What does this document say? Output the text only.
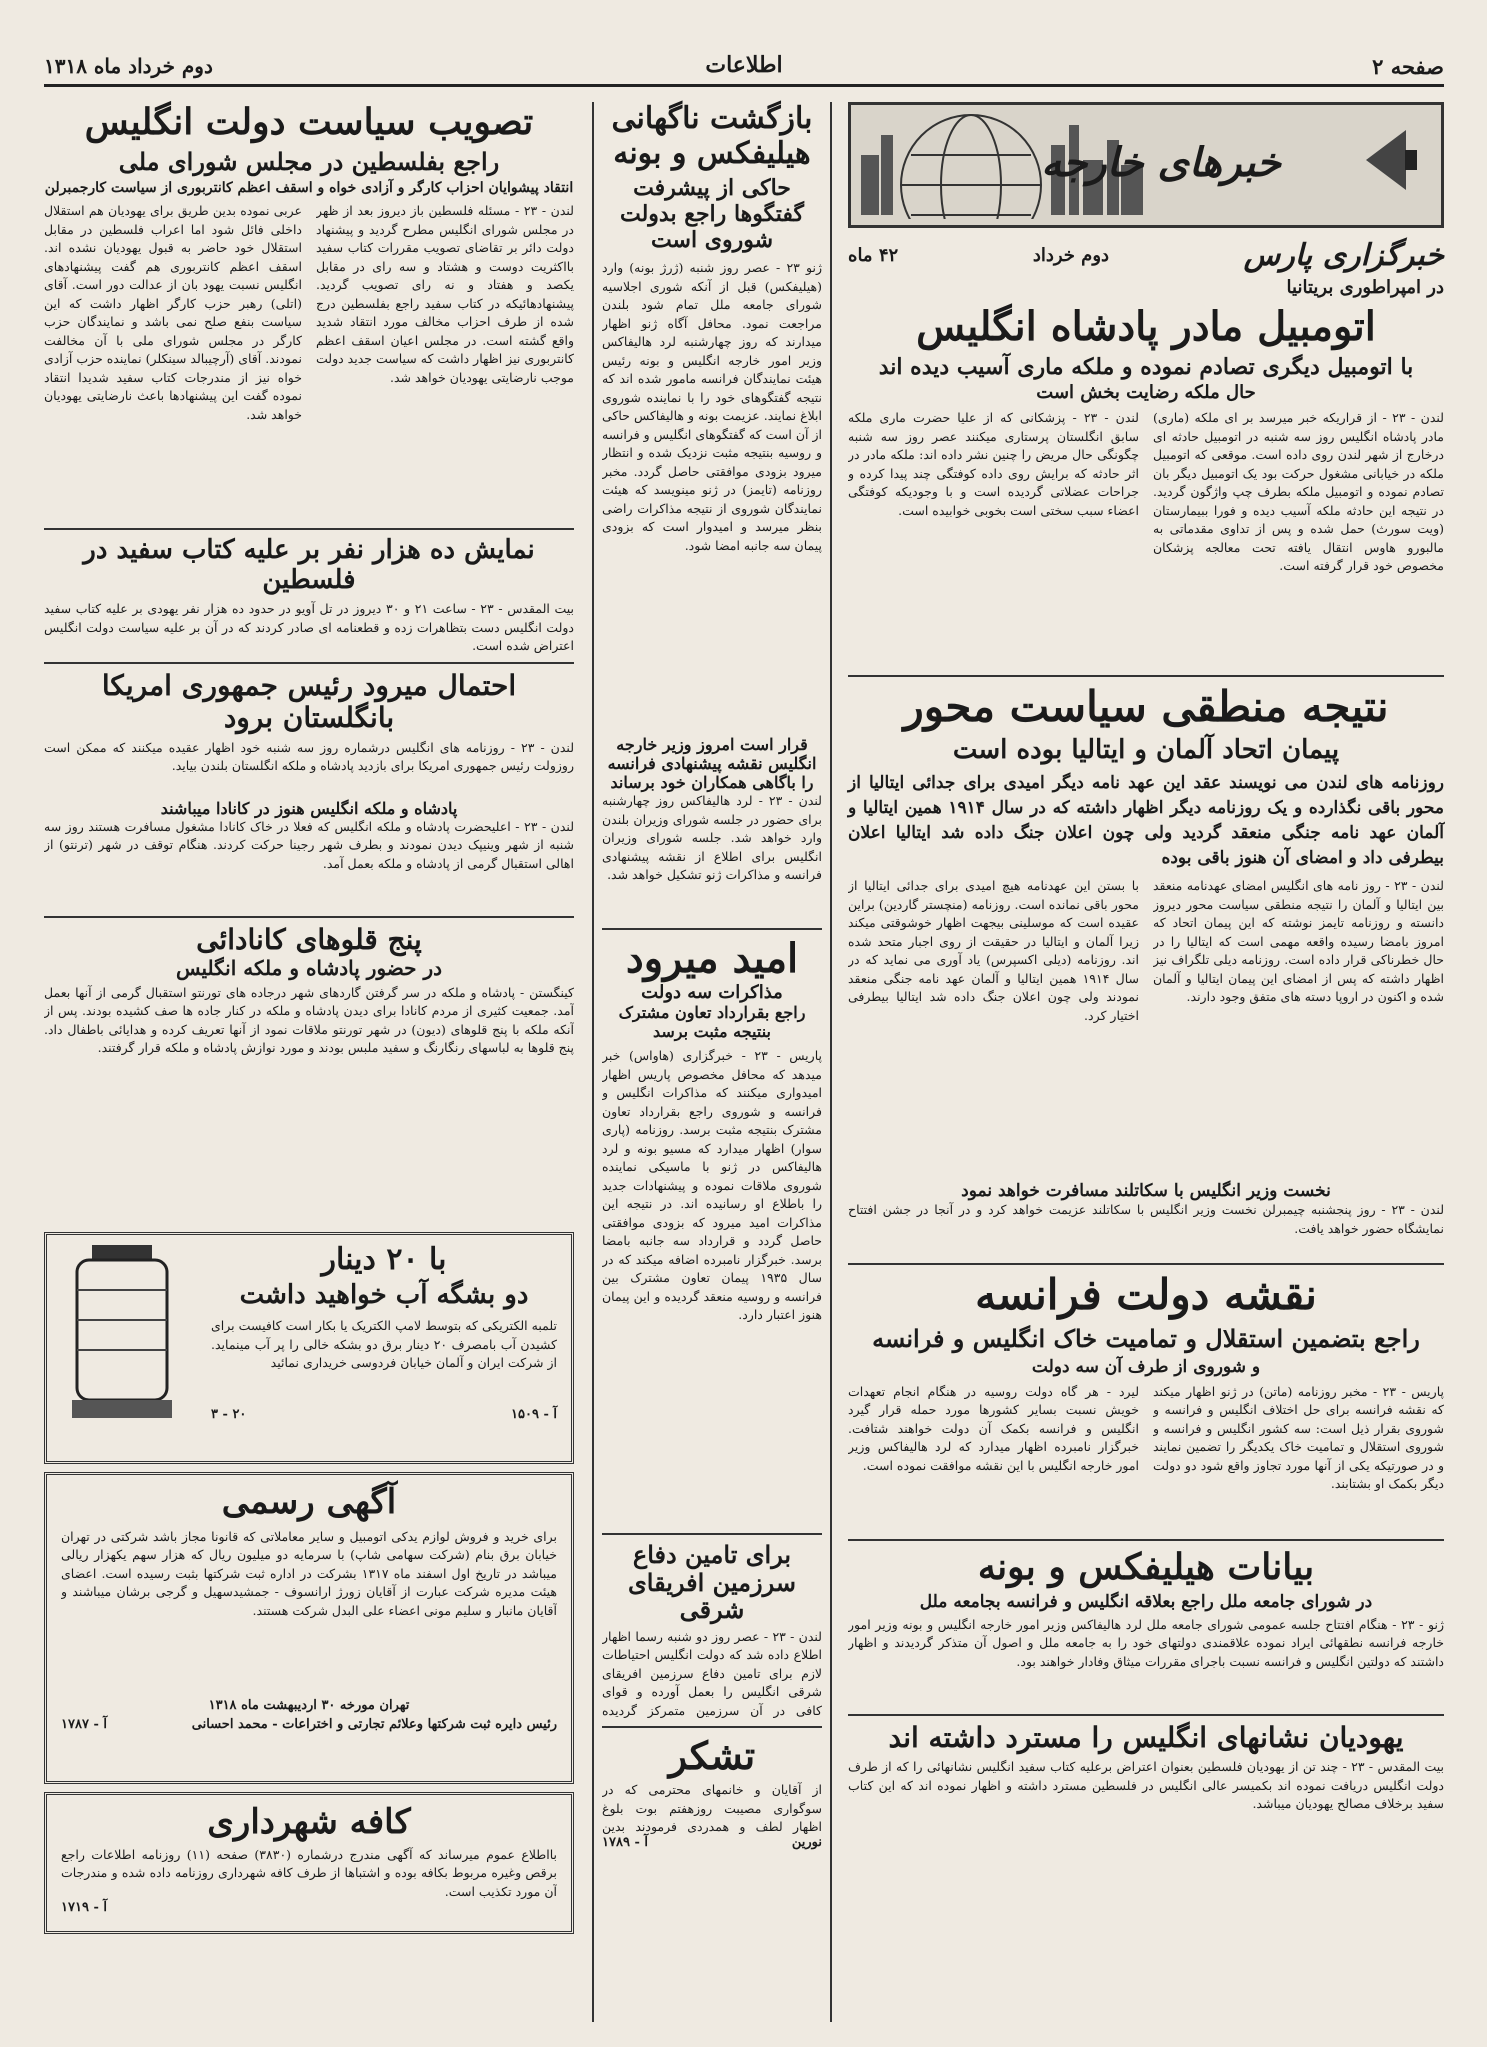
صفحه ۲
اطلاعات
دوم خرداد ماه ۱۳۱۸
خبرهای خارجه
خبرگزاری پارس
دوم خرداد
۴۲ ماه
در امپراطوری بریتانیا
اتومبیل مادر پادشاه انگلیس
با اتومبیل دیگری تصادم نموده و ملکه ماری آسیب دیده اند
حال ملکه رضایت بخش است
لندن - ۲۳ - از قراریکه خبر میرسد بر ای ملکه (ماری) مادر پادشاه انگلیس روز سه شنبه در اتومبیل حادثه ای درخارج از شهر لندن روی داده است. موقعی که اتومبیل ملکه در خیابانی مشغول حرکت بود یک اتومبیل دیگر بان تصادم نموده و اتومبیل ملکه بطرف چپ واژگون گردید. در نتیجه این حادثه ملکه آسیب دیده و فورا ببیمارستان (ویت سورث) حمل شده و پس از تداوی مقدماتی به مالبورو هاوس انتقال یافته تحت معالجه پزشکان مخصوص خود قرار گرفته است.
لندن - ۲۳ - پزشکانی که از علیا حضرت ماری ملکه سابق انگلستان پرستاری میکنند عصر روز سه شنبه چگونگی حال مریض را چنین نشر داده اند: ملکه مادر در اثر حادثه که برایش روی داده کوفتگی چند پیدا کرده و جراحات عضلاتی گردیده است و با وجودیکه کوفتگی اعضاء سبب سختی است بخوبی خوابیده است.
نتیجه منطقی سیاست محور
پیمان اتحاد آلمان و ایتالیا بوده است
روزنامه های لندن می نویسند عقد این عهد نامه دیگر امیدی برای جدائی ایتالیا از محور باقی نگذارده و یک روزنامه دیگر اظهار داشته که در سال ۱۹۱۴ همین ایتالیا و آلمان عهد نامه جنگی منعقد گردید ولی چون اعلان جنگ داده شد ایتالیا اعلان بیطرفی داد و امضای آن هنوز باقی بوده
لندن - ۲۳ - روز نامه های انگلیس امضای عهدنامه منعقد بین ایتالیا و آلمان را نتیجه منطقی سیاست محور دیروز دانسته و روزنامه تایمز نوشته که این پیمان اتحاد که امروز بامضا رسیده واقعه مهمی است که ایتالیا را در حال خطرناکی قرار داده است. روزنامه دیلی تلگراف نیز اظهار داشته که پس از امضای این پیمان ایتالیا و آلمان شده و اکنون در اروپا دسته های متفق وجود دارند.
با بستن این عهدنامه هیچ امیدی برای جدائی ایتالیا از محور باقی نمانده است. روزنامه (منچستر گاردین) براین عقیده است که موسلینی بیجهت اظهار خوشوقتی میکند زیرا آلمان و ایتالیا در حقیقت از روی اجبار متحد شده اند. روزنامه (دیلی اکسپرس) یاد آوری می نماید که در سال ۱۹۱۴ همین ایتالیا و آلمان عهد نامه جنگی منعقد نمودند ولی چون اعلان جنگ داده شد ایتالیا بیطرفی اختیار کرد.
نخست وزیر انگلیس با سکاتلند مسافرت خواهد نمود
لندن - ۲۳ - روز پنجشنبه چیمبرلن نخست وزیر انگلیس با سکاتلند عزیمت خواهد کرد و در آنجا در جشن افتتاح نمایشگاه حضور خواهد یافت.
نقشه دولت فرانسه
راجع بتضمین استقلال و تمامیت خاک انگلیس و فرانسه
و شوروی از طرف آن سه دولت
پاریس - ۲۳ - مخبر روزنامه (ماتن) در ژنو اظهار میکند که نقشه فرانسه برای حل اختلاف انگلیس و فرانسه و شوروی بقرار ذیل است: سه کشور انگلیس و فرانسه و شوروی استقلال و تمامیت خاک یکدیگر را تضمین نمایند و در صورتیکه یکی از آنها مورد تجاوز واقع شود دو دولت دیگر بکمک او بشتابند.
لیرد - هر گاه دولت روسیه در هنگام انجام تعهدات خویش نسبت بسایر کشورها مورد حمله قرار گیرد انگلیس و فرانسه بکمک آن دولت خواهند شتافت. خبرگزار نامبرده اظهار میدارد که لرد هالیفاکس وزیر امور خارجه انگلیس با این نقشه موافقت نموده است.
بیانات هیلیفکس و بونه
در شورای جامعه ملل راجع بعلاقه انگلیس و فرانسه بجامعه ملل
ژنو - ۲۳ - هنگام افتتاح جلسه عمومی شورای جامعه ملل لرد هالیفاکس وزیر امور خارجه انگلیس و بونه وزیر امور خارجه فرانسه نطقهائی ایراد نموده علاقمندی دولتهای خود را به جامعه ملل و اصول آن متذکر گردیدند و اظهار داشتند که دولتین انگلیس و فرانسه نسبت باجرای مقررات میثاق وفادار خواهند بود.
یهودیان نشانهای انگلیس را مسترد داشته اند
بیت المقدس - ۲۳ - چند تن از یهودیان فلسطین بعنوان اعتراض برعلیه کتاب سفید انگلیس نشانهائی را که از طرف دولت انگلیس دریافت نموده اند بکمیسر عالی انگلیس در فلسطین مسترد داشته و اظهار نموده اند که این کتاب سفید برخلاف مصالح یهودیان میباشد.
بازگشت ناگهانی هیلیفکس و بونه
حاکی از پیشرفت گفتگوها راجع بدولت شوروی است
ژنو ۲۳ - عصر روز شنبه (ژرژ بونه) وارد (هیلیفکس) قبل از آنکه شوری اجلاسیه شورای جامعه ملل تمام شود بلندن مراجعت نمود. محافل آگاه ژنو اظهار میدارند که روز چهارشنبه لرد هالیفاکس وزیر امور خارجه انگلیس و بونه رئیس هیئت نمایندگان فرانسه مامور شده اند که نتیجه گفتگوهای خود را با نماینده شوروی ابلاغ نمایند. عزیمت بونه و هالیفاکس حاکی از آن است که گفتگوهای انگلیس و فرانسه و روسیه بنتیجه مثبت نزدیک شده و انتظار میرود بزودی موافقتی حاصل گردد. مخبر روزنامه (تایمز) در ژنو مینویسد که هیئت نمایندگان شوروی از نتیجه مذاکرات راضی بنظر میرسد و امیدوار است که بزودی پیمان سه جانبه امضا شود.
قرار است امروز وزیر خارجه انگلیس نقشه پیشنهادی فرانسه را باگاهی همکاران خود برساند
لندن - ۲۳ - لرد هالیفاکس روز چهارشنبه برای حضور در جلسه شورای وزیران بلندن وارد خواهد شد. جلسه شورای وزیران انگلیس برای اطلاع از نقشه پیشنهادی فرانسه و مذاکرات ژنو تشکیل خواهد شد.
امید میرود
مذاکرات سه دولت
راجع بقرارداد تعاون مشترک بنتیجه مثبت برسد
پاریس - ۲۳ - خبرگزاری (هاواس) خبر میدهد که محافل مخصوص پاریس اظهار امیدواری میکنند که مذاکرات انگلیس و فرانسه و شوروی راجع بقرارداد تعاون مشترک بنتیجه مثبت برسد. روزنامه (پاری سوار) اظهار میدارد که مسیو بونه و لرد هالیفاکس در ژنو با ماسیکی نماینده شوروی ملاقات نموده و پیشنهادات جدید را باطلاع او رسانیده اند. در نتیجه این مذاکرات امید میرود که بزودی موافقتی حاصل گردد و قرارداد سه جانبه بامضا برسد. خبرگزار نامبرده اضافه میکند که در سال ۱۹۳۵ پیمان تعاون مشترک بین فرانسه و روسیه منعقد گردیده و این پیمان هنوز اعتبار دارد.
برای تامین دفاع سرزمین افریقای شرقی
لندن - ۲۳ - عصر روز دو شنبه رسما اظهار اطلاع داده شد که دولت انگلیس احتیاطات لازم برای تامین دفاع سرزمین افریقای شرقی انگلیس را بعمل آورده و قوای کافی در آن سرزمین متمرکز گردیده
تشکر
از آقایان و خانمهای محترمی که در سوگواری مصیبت روزهفتم بوت بلوغ اظهار لطف و همدردی فرمودند بدین
نورین
آ - ۱۷۸۹
تصویب سیاست دولت انگلیس
راجع بفلسطین در مجلس شورای ملی
انتقاد پیشوایان احزاب کارگر و آزادی خواه و اسقف اعظم کانتربوری از سیاست کارجمبرلن
لندن - ۲۳ - مسئله فلسطین باز دیروز بعد از ظهر در مجلس شورای انگلیس مطرح گردید و پیشنهاد دولت دائر بر تقاضای تصویب مقررات کتاب سفید بااکثریت دوست و هشتاد و سه رای در مقابل یکصد و هفتاد و نه رای تصویب گردید. پیشنهادهائیکه در کتاب سفید راجع بفلسطین درج شده از طرف احزاب مخالف مورد انتقاد شدید واقع گشته است. در مجلس اعیان اسقف اعظم کانتربوری نیز اظهار داشت که سیاست جدید دولت موجب نارضایتی یهودیان خواهد شد.
عربی نموده بدین طریق برای یهودیان هم استقلال داخلی فائل شود اما اعراب فلسطین در مقابل استقلال خود حاضر به قبول یهودیان نشده اند. اسقف اعظم کانتربوری هم گفت پیشنهادهای انگلیس نسبت یهود بان از عدالت دور است. آقای (اتلی) رهبر حزب کارگر اظهار داشت که این سیاست بنفع صلح نمی باشد و نمایندگان حزب کارگر در مجلس شورای ملی با آن مخالفت نمودند. آقای (آرچیبالد سینکلر) نماینده حزب آزادی خواه نیز از مندرجات کتاب سفید شدیدا انتقاد نموده گفت این پیشنهادها باعث نارضایتی یهودیان خواهد شد.
نمایش ده هزار نفر بر علیه کتاب سفید در فلسطین
بیت المقدس - ۲۳ - ساعت ۲۱ و ۳۰ دیروز در تل آویو در حدود ده هزار نفر یهودی بر علیه کتاب سفید دولت انگلیس دست بتظاهرات زده و قطعنامه ای صادر کردند که در آن بر علیه سیاست دولت انگلیس اعتراض شده است.
احتمال میرود رئیس جمهوری امریکا بانگلستان برود
لندن - ۲۳ - روزنامه های انگلیس درشماره روز سه شنبه خود اظهار عقیده میکنند که ممکن است روزولت رئیس جمهوری امریکا برای بازدید پادشاه و ملکه انگلستان بلندن بیاید.
پادشاه و ملکه انگلیس هنوز در کانادا میباشند
لندن - ۲۳ - اعلیحضرت پادشاه و ملکه انگلیس که فعلا در خاک کانادا مشغول مسافرت هستند روز سه شنبه از شهر وینیپک دیدن نمودند و بطرف شهر رجینا حرکت کردند. هنگام توقف در شهر (ترنتو) از اهالی استقبال گرمی از پادشاه و ملکه بعمل آمد.
پنج قلوهای کانادائی
در حضور پادشاه و ملکه انگلیس
کینگستن - پادشاه و ملکه در سر گرفتن گاردهای شهر درجاده های تورنتو استقبال گرمی از آنها بعمل آمد. جمعیت کثیری از مردم کانادا برای دیدن پادشاه و ملکه در کنار جاده ها صف کشیده بودند. پس از آنکه ملکه با پنج قلوهای (دیون) در شهر تورنتو ملاقات نمود از آنها تعریف کرده و هدایائی باطفال داد. پنج قلوها به لباسهای رنگارنگ و سفید ملبس بودند و مورد نوازش پادشاه و ملکه قرار گرفتند.
با ۲۰ دینار
دو بشگه آب خواهید داشت
تلمبه الکتریکی که بتوسط لامپ الکتریک یا بکار است کافیست برای کشیدن آب بامصرف ۲۰ دینار برق دو بشکه خالی را پر آب مینماید. از شرکت ایران و آلمان خیابان فردوسی خریداری نمائید
آ - ۱۵۰۹
۲۰ - ۳
آگهی رسمی
برای خرید و فروش لوازم یدکی اتومبیل و سایر معاملاتی که قانونا مجاز باشد شرکتی در تهران خیابان برق بنام (شرکت سهامی شاپ) با سرمایه دو میلیون ریال که هزار سهم یکهزار ریالی میباشد در تاریخ اول اسفند ماه ۱۳۱۷ بشرکت در اداره ثبت شرکتها بثبت رسیده است. اعضای هیئت مدیره شرکت عبارت از آقایان زورژ ارانسوف - جمشیدسهیل و گرجی برشان میباشند و آقایان مانبار و سلیم مونی اعضاء علی البدل شرکت هستند.
تهران مورخه ۳۰ اردیبهشت ماه ۱۳۱۸
رئیس دایره ثبت شرکتها وعلائم تجارتی و اختراعات - محمد احسانی
آ - ۱۷۸۷
کافه شهرداری
بااطلاع عموم میرساند که آگهی مندرج درشماره (۳۸۳۰) صفحه (۱۱) روزنامه اطلاعات راجع برقص وغیره مربوط بکافه بوده و اشتباها از طرف کافه شهرداری روزنامه داده شده و مندرجات آن مورد تکذیب است.
آ - ۱۷۱۹
